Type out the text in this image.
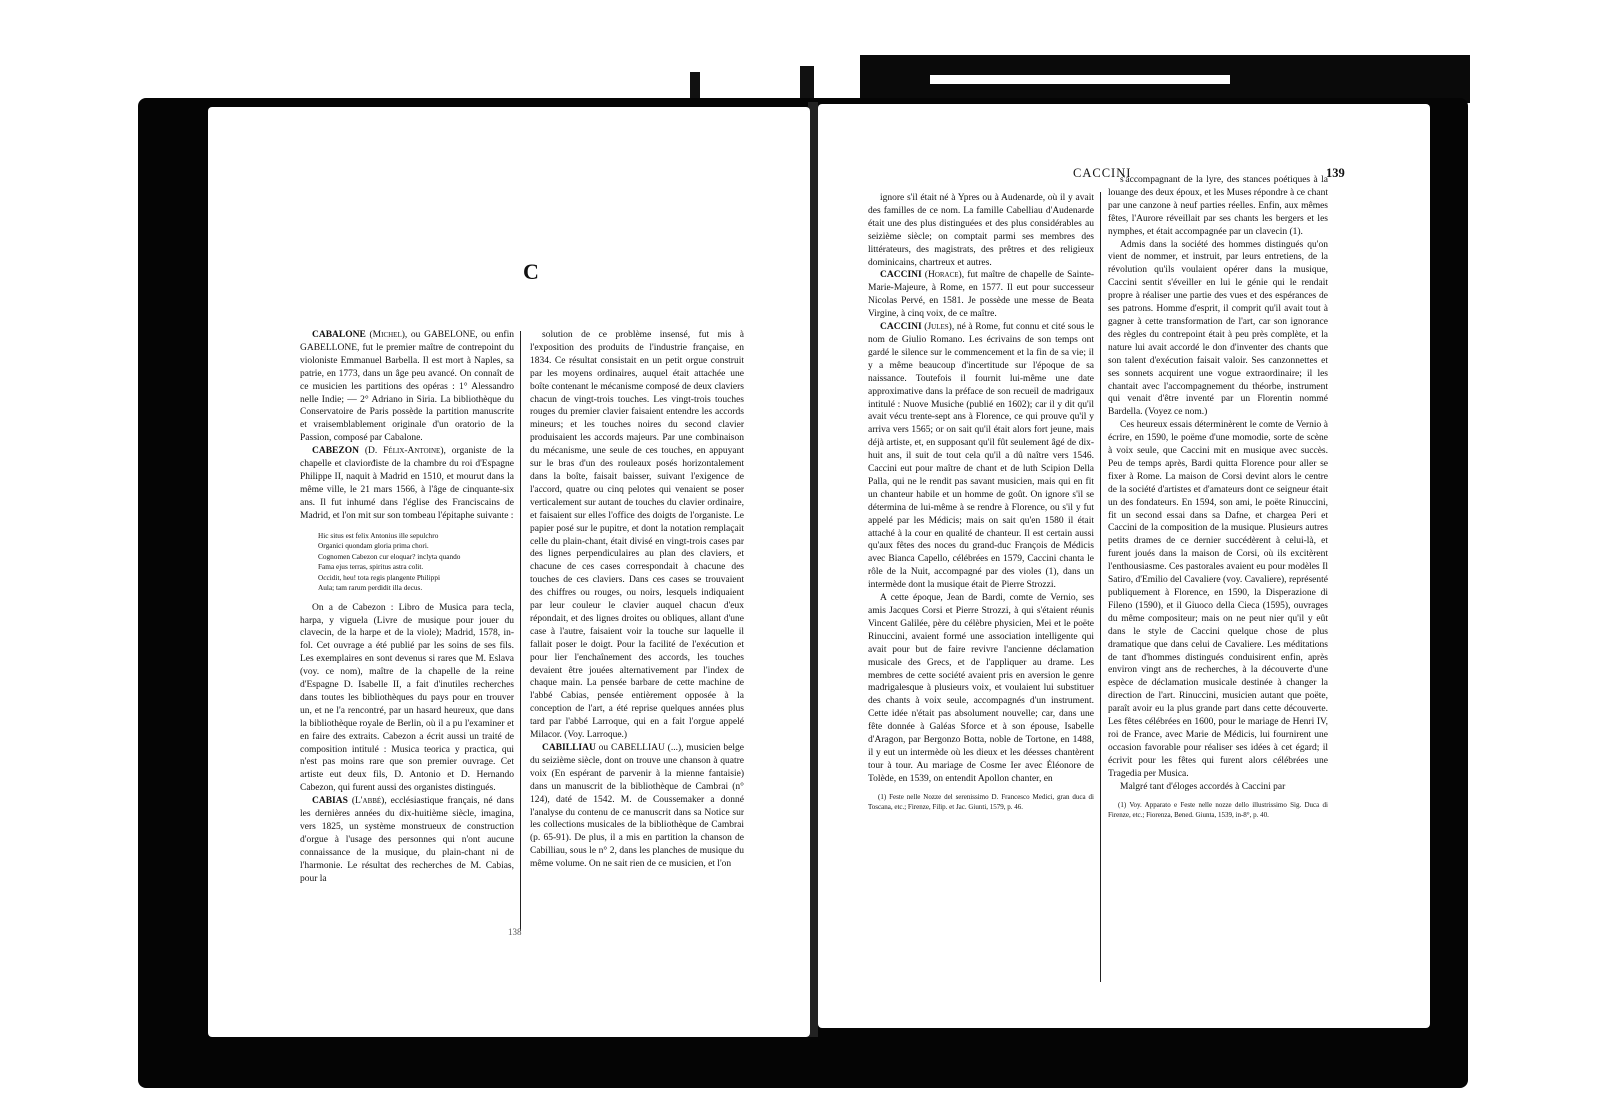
C

CABALONE (Michel), ou GABELONE, ou enfin GABELLONE, fut le premier maître de contrepoint du violoniste Emmanuel Barbella. Il est mort à Naples, sa patrie, en 1773, dans un âge peu avancé. On connaît de ce musicien les partitions des opéras : 1° Alessandro nelle Indie; — 2° Adriano in Siria. La bibliothèque du Conservatoire de Paris possède la partition manuscrite et vraisemblablement originale d'un oratorio de la Passion, composé par Cabalone.

CABEZON (D. Félix-Antoine), organiste de la chapelle et claviorđiste de la chambre du roi d'Espagne Philippe II, naquit à Madrid en 1510, et mourut dans la même ville, le 21 mars 1566, à l'âge de cinquante-six ans. Il fut inhumé dans l'église des Franciscains de Madrid, et l'on mit sur son tombeau l'épitaphe suivante :

Hic situs est felix Antonius ille sepulchro
Organici quondam gloria prima chori.
Cognomen Cabezon cur eloquar? inclyta quando
Fama ejus terras, spiritus astra colit.
Occidit, heu! tota regis plangente Philippi
Aula; tam rarum perdidit illa decus.

On a de Cabezon : Libro de Musica para tecla, harpa, y viguela (Livre de musique pour jouer du clavecin, de la harpe et de la viole); Madrid, 1578, in-fol. Cet ouvrage a été publié par les soins de ses fils. Les exemplaires en sont devenus si rares que M. Eslava (voy. ce nom), maître de la chapelle de la reine d'Espagne D. Isabelle II, a fait d'inutiles recherches dans toutes les bibliothèques du pays pour en trouver un, et ne l'a rencontré, par un hasard heureux, que dans la bibliothèque royale de Berlin, où il a pu l'examiner et en faire des extraits. Cabezon a écrit aussi un traité de composition intitulé : Musica teorica y practica, qui n'est pas moins rare que son premier ouvrage. Cet artiste eut deux fils, D. Antonio et D. Hernando Cabezon, qui furent aussi des organistes distingués.

CABIAS (L'abbé), ecclésiastique français, né dans les dernières années du dix-huitième siècle, imagina, vers 1825, un système monstrueux de construction d'orgue à l'usage des personnes qui n'ont aucune connaissance de la musique, du plain-chant ni de l'harmonie. Le résultat des recherches de M. Cabias, pour la

solution de ce problème insensé, fut mis à l'exposition des produits de l'industrie française, en 1834. Ce résultat consistait en un petit orgue construit par les moyens ordinaires, auquel était attachée une boîte contenant le mécanisme composé de deux claviers chacun de vingt-trois touches. Les vingt-trois touches rouges du premier clavier faisaient entendre les accords mineurs; et les touches noires du second clavier produisaient les accords majeurs. Par une combinaison du mécanisme, une seule de ces touches, en appuyant sur le bras d'un des rouleaux posés horizontalement dans la boîte, faisait baisser, suivant l'exigence de l'accord, quatre ou cinq pelotes qui venaient se poser verticalement sur autant de touches du clavier ordinaire, et faisaient sur elles l'office des doigts de l'organiste. Le papier posé sur le pupitre, et dont la notation remplaçait celle du plain-chant, était divisé en vingt-trois cases par des lignes perpendiculaires au plan des claviers, et chacune de ces cases correspondait à chacune des touches de ces claviers. Dans ces cases se trouvaient des chiffres ou rouges, ou noirs, lesquels indiquaient par leur couleur le clavier auquel chacun d'eux répondait, et des lignes droites ou obliques, allant d'une case à l'autre, faisaient voir la touche sur laquelle il fallait poser le doigt. Pour la facilité de l'exécution et pour lier l'enchaînement des accords, les touches devaient être jouées alternativement par l'index de chaque main. La pensée barbare de cette machine de l'abbé Cabias, pensée entièrement opposée à la conception de l'art, a été reprise quelques années plus tard par l'abbé Larroque, qui en a fait l'orgue appelé Milacor. (Voy. Larroque.)

CABILLIAU ou CABELLIAU (...), musicien belge du seizième siècle, dont on trouve une chanson à quatre voix (En espérant de parvenir à la mienne fantaisie) dans un manuscrit de la bibliothèque de Cambrai (n° 124), daté de 1542. M. de Coussemaker a donné l'analyse du contenu de ce manuscrit dans sa Notice sur les collections musicales de la bibliothèque de Cambrai (p. 65-91). De plus, il a mis en partition la chanson de Cabilliau, sous le n° 2, dans les planches de musique du même volume. On ne sait rien de ce musicien, et l'on

138
CACCINI	139

ignore s'il était né à Ypres ou à Audenarde, où il y avait des familles de ce nom. La famille Cabelliau d'Audenarde était une des plus distinguées et des plus considérables au seizième siècle; on comptait parmi ses membres des littérateurs, des magistrats, des prêtres et des religieux dominicains, chartreux et autres.

CACCINI (Horace), fut maître de chapelle de Sainte-Marie-Majeure, à Rome, en 1577. Il eut pour successeur Nicolas Pervé, en 1581. Je possède une messe de Beata Virgine, à cinq voix, de ce maître.

CACCINI (Jules), né à Rome, fut connu et cité sous le nom de Giulio Romano. Les écrivains de son temps ont gardé le silence sur le commencement et la fin de sa vie; il y a même beaucoup d'incertitude sur l'époque de sa naissance. Toutefois il fournit lui-même une date approximative dans la préface de son recueil de madrigaux intitulé : Nuove Musiche (publié en 1602); car il y dit qu'il avait vécu trente-sept ans à Florence, ce qui prouve qu'il y arriva vers 1565; or on sait qu'il était alors fort jeune, mais déjà artiste, et, en supposant qu'il fût seulement âgé de dix-huit ans, il suit de tout cela qu'il a dû naître vers 1546. Caccini eut pour maître de chant et de luth Scipion Della Palla, qui ne le rendit pas savant musicien, mais qui en fit un chanteur habile et un homme de goût. On ignore s'il se détermina de lui-même à se rendre à Florence, ou s'il y fut appelé par les Médicis; mais on sait qu'en 1580 il était attaché à la cour en qualité de chanteur. Il est certain aussi qu'aux fêtes des noces du grand-duc François de Médicis avec Bianca Capello, célébrées en 1579, Caccini chanta le rôle de la Nuit, accompagné par des violes (1), dans un intermède dont la musique était de Pierre Strozzi.

A cette époque, Jean de Bardi, comte de Vernio, ses amis Jacques Corsi et Pierre Strozzi, à qui s'étaient réunis Vincent Galilée, père du célèbre physicien, Mei et le poëte Rinuccini, avaient formé une association intelligente qui avait pour but de faire revivre l'ancienne déclamation musicale des Grecs, et de l'appliquer au drame. Les membres de cette société avaient pris en aversion le genre madrigalesque à plusieurs voix, et voulaient lui substituer des chants à voix seule, accompagnés d'un instrument. Cette idée n'était pas absolument nouvelle; car, dans une fête donnée à Galéas Sforce et à son épouse, Isabelle d'Aragon, par Bergonzo Botta, noble de Tortone, en 1488, il y eut un intermède où les dieux et les déesses chantèrent tour à tour. Au mariage de Cosme Ier avec Éléonore de Tolède, en 1539, on entendit Apollon chanter, en

(1) Feste nelle Nozze del serenissimo D. Francesco Medici, gran duca di Toscana, etc.; Firenze, Filip. et Jac. Giunti, 1579, p. 46.

s'accompagnant de la lyre, des stances poétiques à la louange des deux époux, et les Muses répondre à ce chant par une canzone à neuf parties réelles. Enfin, aux mêmes fêtes, l'Aurore réveillait par ses chants les bergers et les nymphes, et était accompagnée par un clavecin (1).

Admis dans la société des hommes distingués qu'on vient de nommer, et instruit, par leurs entretiens, de la révolution qu'ils voulaient opérer dans la musique, Caccini sentit s'éveiller en lui le génie qui le rendait propre à réaliser une partie des vues et des espérances de ses patrons. Homme d'esprit, il comprit qu'il avait tout à gagner à cette transformation de l'art, car son ignorance des règles du contrepoint était à peu près complète, et la nature lui avait accordé le don d'inventer des chants que son talent d'exécution faisait valoir. Ses canzonnettes et ses sonnets acquirent une vogue extraordinaire; il les chantait avec l'accompagnement du théorbe, instrument qui venait d'être inventé par un Florentin nommé Bardella. (Voyez ce nom.)

Ces heureux essais déterminèrent le comte de Vernio à écrire, en 1590, le poëme d'une momodie, sorte de scène à voix seule, que Caccini mit en musique avec succès. Peu de temps après, Bardi quitta Florence pour aller se fixer à Rome. La maison de Corsi devint alors le centre de la société d'artistes et d'amateurs dont ce seigneur était un des fondateurs. En 1594, son ami, le poëte Rinuccini, fit un second essai dans sa Dafne, et chargea Peri et Caccini de la composition de la musique. Plusieurs autres petits drames de ce dernier succédèrent à celui-là, et furent joués dans la maison de Corsi, où ils excitèrent l'enthousiasme. Ces pastorales avaient eu pour modèles Il Satiro, d'Emilio del Cavaliere (voy. Cavaliere), représenté publiquement à Florence, en 1590, la Disperazione di Fileno (1590), et il Giuoco della Cieca (1595), ouvrages du même compositeur; mais on ne peut nier qu'il y eût dans le style de Caccini quelque chose de plus dramatique que dans celui de Cavaliere. Les méditations de tant d'hommes distingués conduisirent enfin, après environ vingt ans de recherches, à la découverte d'une espèce de déclamation musicale destinée à changer la direction de l'art. Rinuccini, musicien autant que poëte, paraît avoir eu la plus grande part dans cette découverte. Les fêtes célébrées en 1600, pour le mariage de Henri IV, roi de France, avec Marie de Médicis, lui fournirent une occasion favorable pour réaliser ses idées à cet égard; il écrivit pour les fêtes qui furent alors célébrées une Tragedia per Musica.

Malgré tant d'éloges accordés à Caccini par

(1) Voy. Apparato e Feste nelle nozze dello illustrissimo Sig. Duca di Firenze, etc.; Fiorenza, Bened. Giunta, 1539, in-8°, p. 40.
